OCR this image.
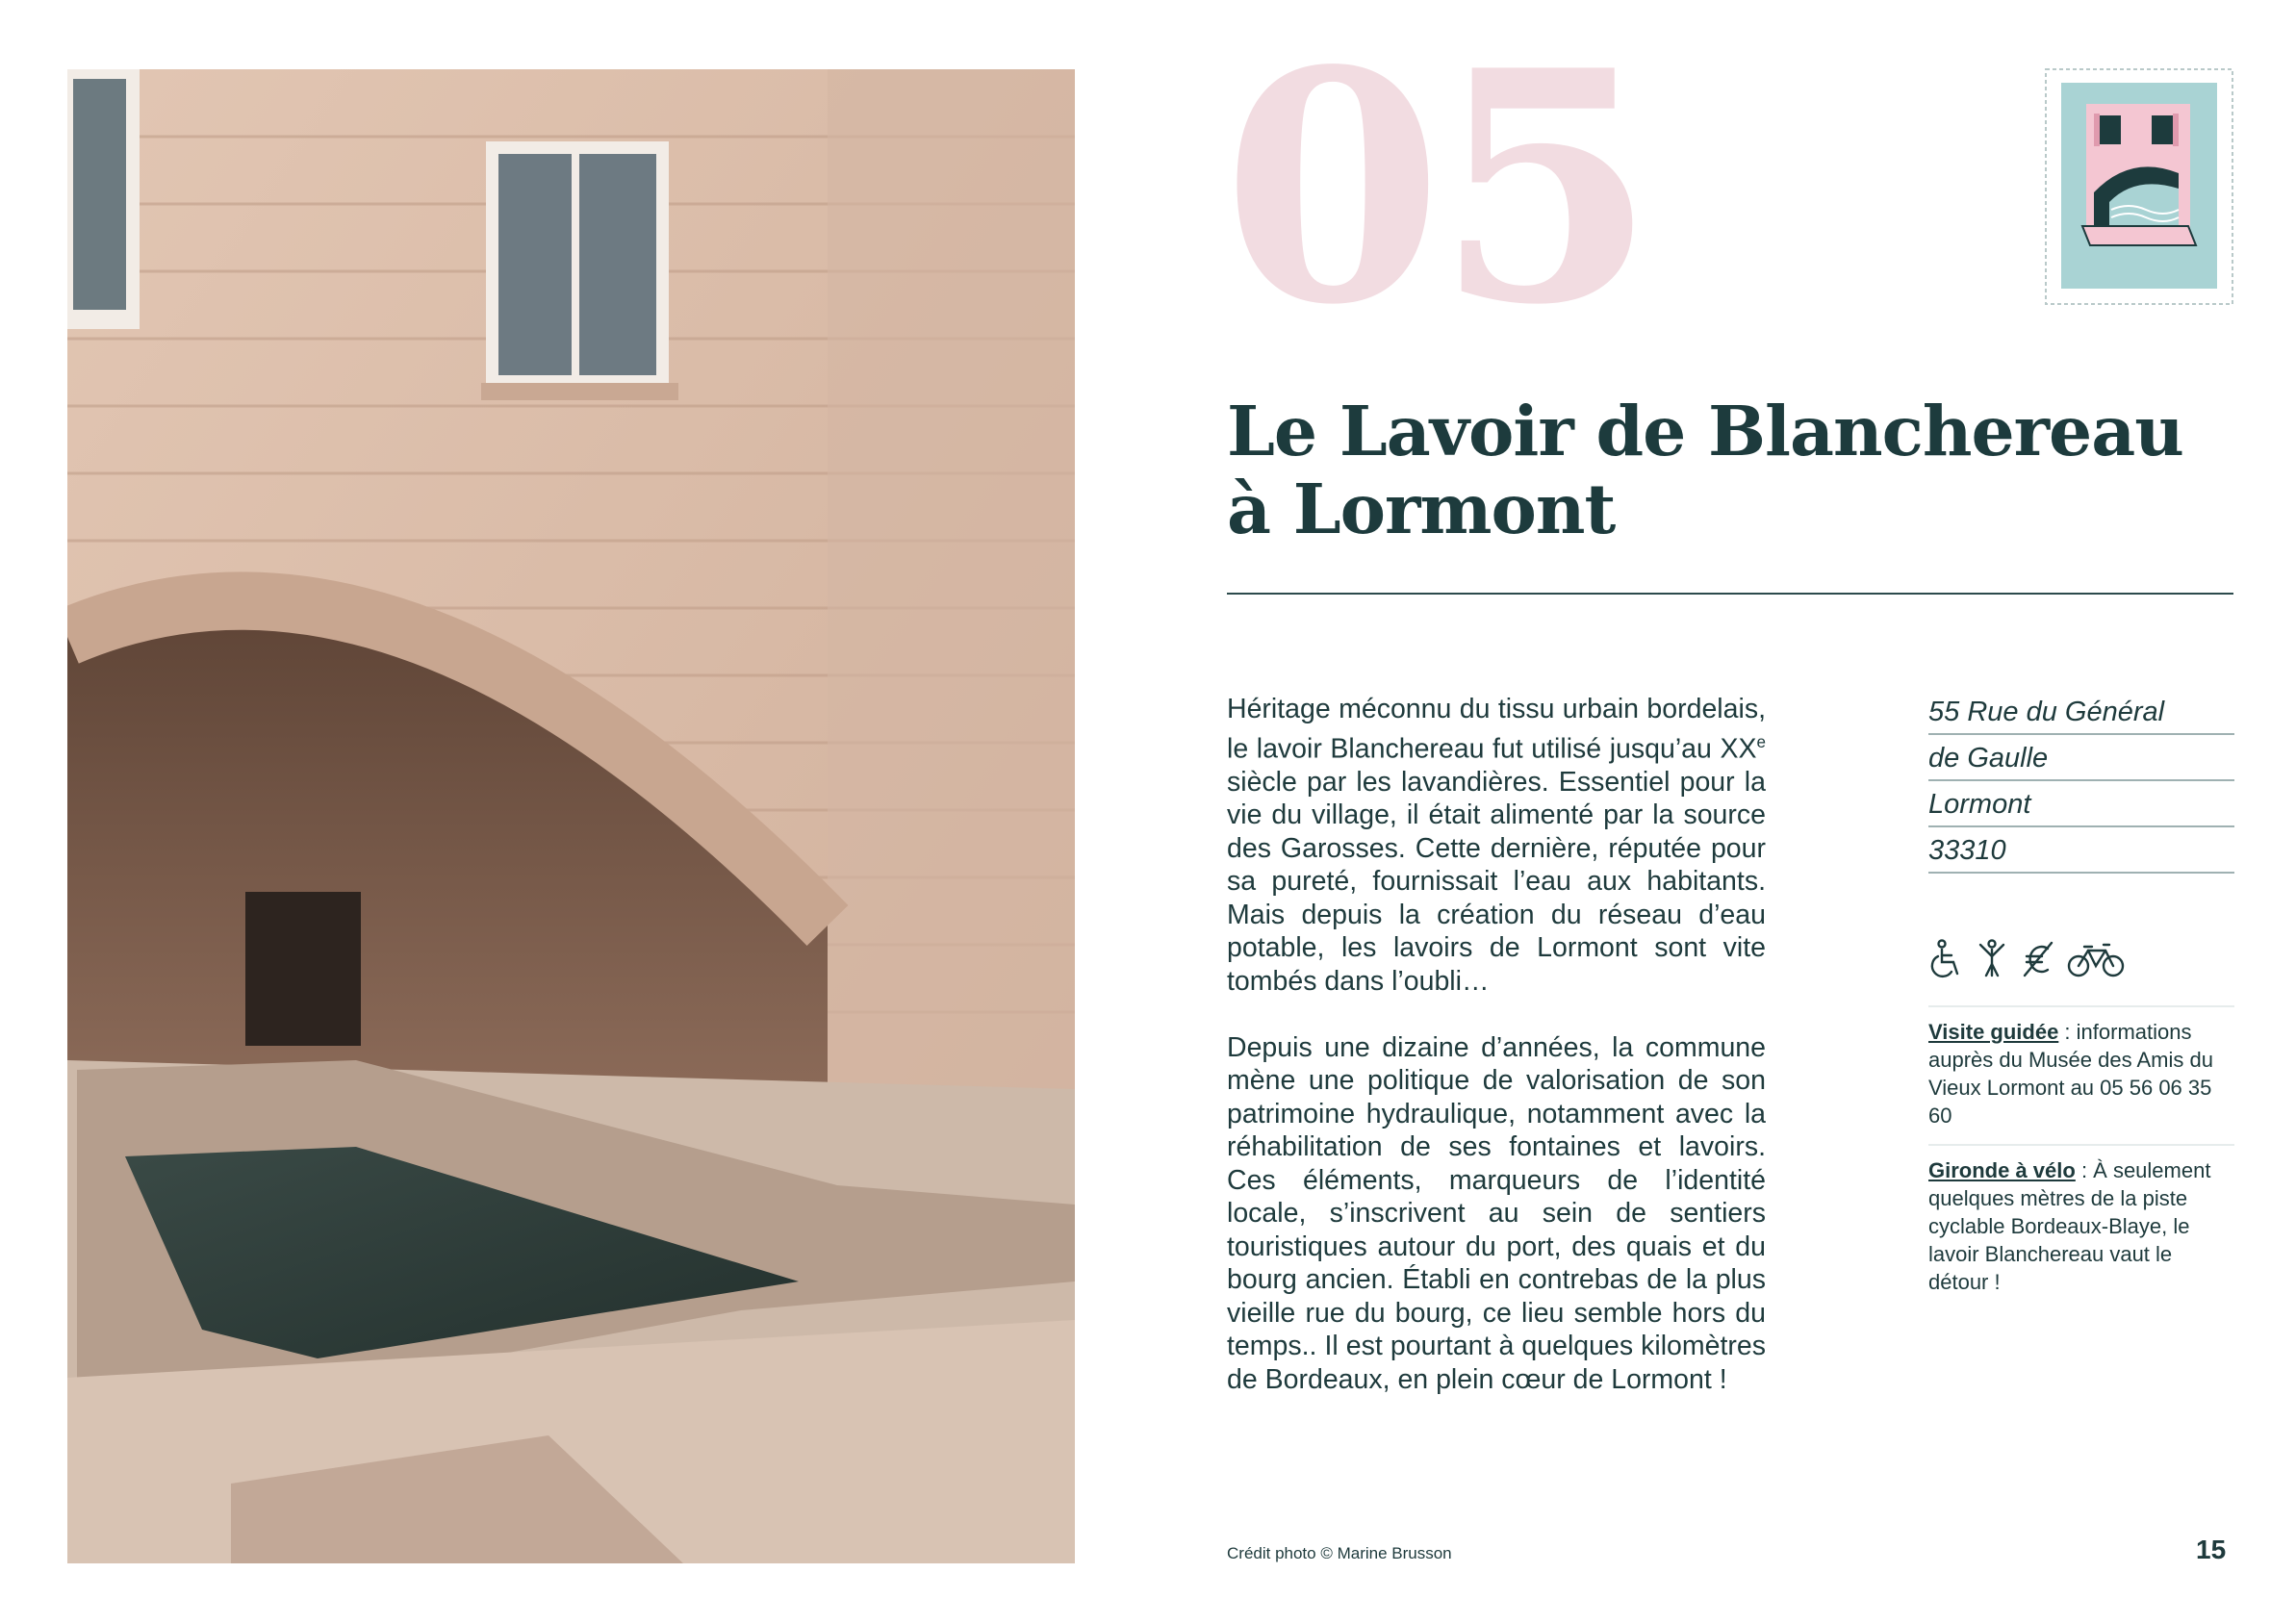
05
Le Lavoir de Blanchereau
à Lormont

Héritage méconnu du tissu urbain bordelais, le lavoir Blanchereau fut utilisé jusqu’au XXe siècle par les lavandières. Essentiel pour la vie du village, il était alimenté par la source des Garosses. Cette dernière, réputée pour sa pureté, fournissait l’eau aux habitants. Mais depuis la création du réseau d’eau potable, les lavoirs de Lormont sont vite tombés dans l’oubli…

Depuis une dizaine d’années, la commune mène une politique de valorisation de son patrimoine hydraulique, notamment avec la réhabilitation de ses fontaines et lavoirs. Ces éléments, marqueurs de l’identité locale, s’inscrivent au sein de sentiers touristiques autour du port, des quais et du bourg ancien. Établi en contrebas de la plus vieille rue du bourg, ce lieu semble hors du temps.. Il est pourtant à quelques kilomètres de Bordeaux, en plein cœur de Lormont !

55 Rue du Général
de Gaulle
Lormont
33310
Visite guidée : informations auprès du Musée des Amis du Vieux Lormont au 05 56 06 35 60
Gironde à vélo : À seulement quelques mètres de la piste cyclable Bordeaux-Blaye, le lavoir Blanchereau vaut le détour !
Crédit photo © Marine Brusson	15
